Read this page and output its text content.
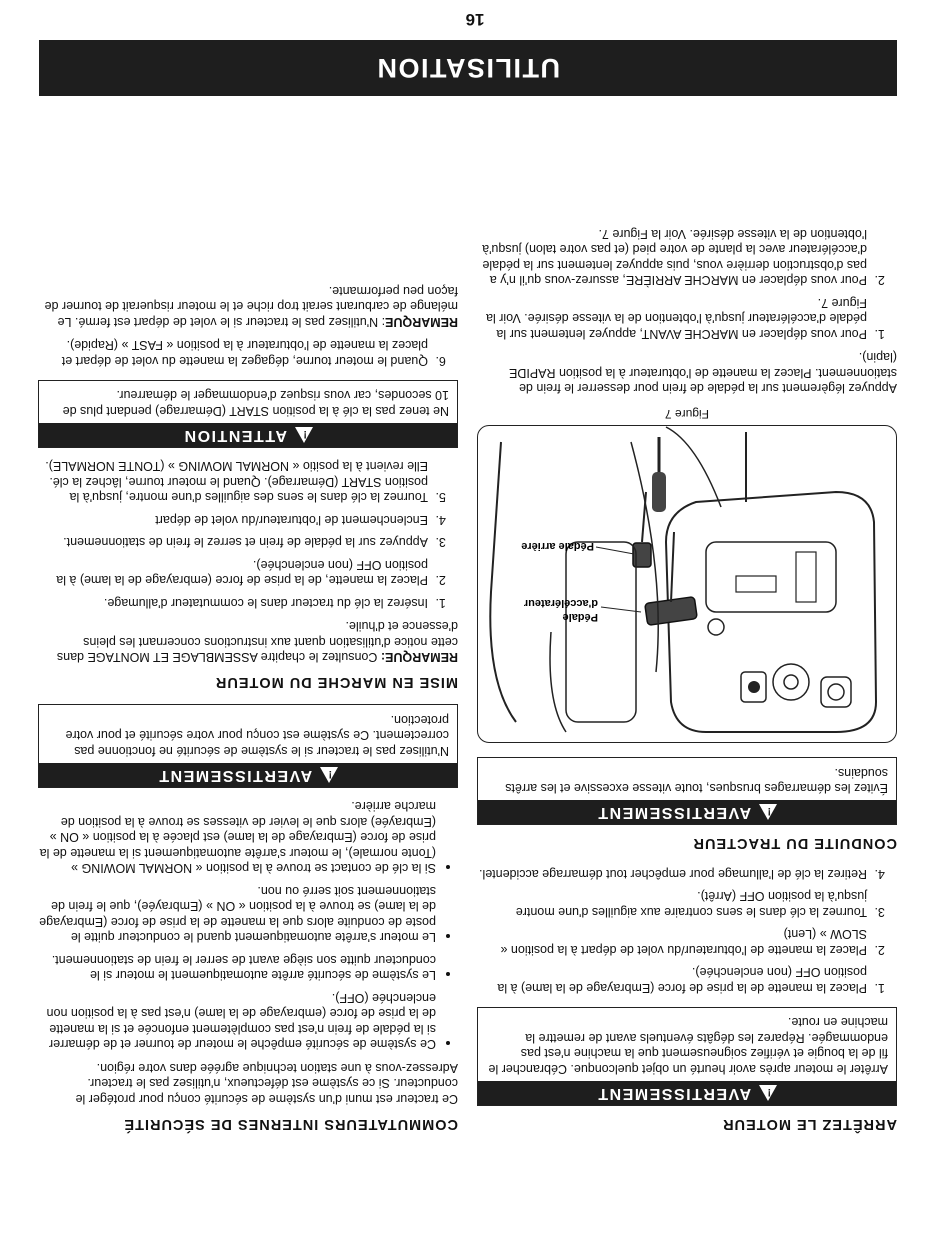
16
UTILISATION
ARRÊTEZ LE MOTEUR
!
AVERTISSEMENT
Arrêter le moteur après avoir heurté un objet quelconque. Cébrancher le fil de la bougie et vérifiez soigneusement que la machine n'est pas endommagée. Réparez les dégâts éventuels avant de remettre la machine en route.
1. Placez la manette de la prise de force (Embrayage de la lame) à la position OFF (non enclenchée).
2. Placez la manette de l'obturateur/du volet de départ à la position « SLOW » (Lent)
3. Tournez la clé dans le sens contraire aux aiguilles d'une montre jusqu'à la position OFF (Arrêt).
4. Retirez la clé de l'allumage pour empêcher tout démarrage accidentel.
CONDUITE DU TRACTEUR
!
AVERTISSEMENT
Évitez les démarrages brusques, toute vitesse excessive et les arrêts soudains.
Pédale
d'accélérateur
Pédale arrière
Figure 7

Appuyez légèrement sur la pédale de frein pour desserrer le frein de stationnement. Placez la manette de l'obturateur à la position RAPIDE (lapin).

1. Pour vous déplacer en MARCHE AVANT, appuyez lentement sur la pédale d'accélérateur jusqu'à l'obtention de la vitesse désirée. Voir la Figure 7.
2. Pour vous déplacer en MARCHE ARRIÈRE, assurez-vous qu'il n'y a pas d'obstruction derrière vous, puis appuyez lentement sur la pédale d'accélérateur avec la plante de votre pied (et pas votre talon) jusqu'à l'obtention de la vitesse désirée. Voir la Figure 7.
COMMUTATEURS INTERNES DE SÉCURITÉ

Ce tracteur est muni d'un système de sécurité conçu pour protéger le conducteur. Si ce système est défectueux, n'utilisez pas le tracteur. Adressez-vous à une station technique agréée dans votre région.

• Ce système de sécurité empêche le moteur de tourner et de démarrer si la pédale de frein n'est pas complètement enfoncée et si la manette de la prise de force (embrayage de la lame) n'est pas à la position non enclenchée (OFF).
• Le système de sécurité arrête automatiquement le moteur si le conducteur quitte son siège avant de serrer le frein de stationnement.
• Le moteur s'arrête automatiquement quand le conducteur quitte le poste de conduite alors que la manette de la prise de force (Embrayage de la lame) se trouve à la position « ON » (Embrayée), que le frein de stationnement soit serré ou non.
• Si la clé de contact se trouve à la position « NORMAL MOWING » (Tonte normale), le moteur s'arrête automatiquement si la manette de la prise de force (Embrayage de la lame) est placée à la position « ON » (Embrayée) alors que le levier de vitesses se trouve à la position de marche arrière.
!
AVERTISSEMENT
N'utilisez pas le tracteur si le système de sécurité ne fonctionne pas correctement. Ce système est conçu pour votre sécurité et pour votre protection.
MISE EN MARCHE DU MOTEUR

REMARQUE: Consultez le chapitre ASSEMBLAGE ET MONTAGE dans cette notice d'utilisation quant aux instructions concernant les pleins d'essence et d'huile.

1. Insérez la clé du tracteur dans le commutateur d'allumage.
2. Placez la manette, de la prise de force (embrayage de la lame) à la position OFF (non enclenchée).
3. Appuyez sur la pédale de frein et serrez le frein de stationnement.
4. Enclenchement de l'obturateur/du volet de départ
5. Tournez la clé dans le sens des aiguilles d'une montre, jusqu'à la position START (Démarrage). Quand le moteur tourne, lâchez la clé. Elle revient à la positio « NORMAL MOWING » (TONTE NORMALE).
!
ATTENTION
Ne tenez pas la clé à la position START (Démarrage) pendant plus de 10 secondes, car vous risquez d'endommager le démarreur.
6. Quand le moteur tourne, dégagez la manette du volet de départ et placez la manette de l'obturateur à la position « FAST » (Rapide).

REMARQUE: N'utilisez pas le tracteur si le volet de départ est fermé. Le mélange de carburant serait trop riche et le moteur risquerait de tourner de façon peu performante.
